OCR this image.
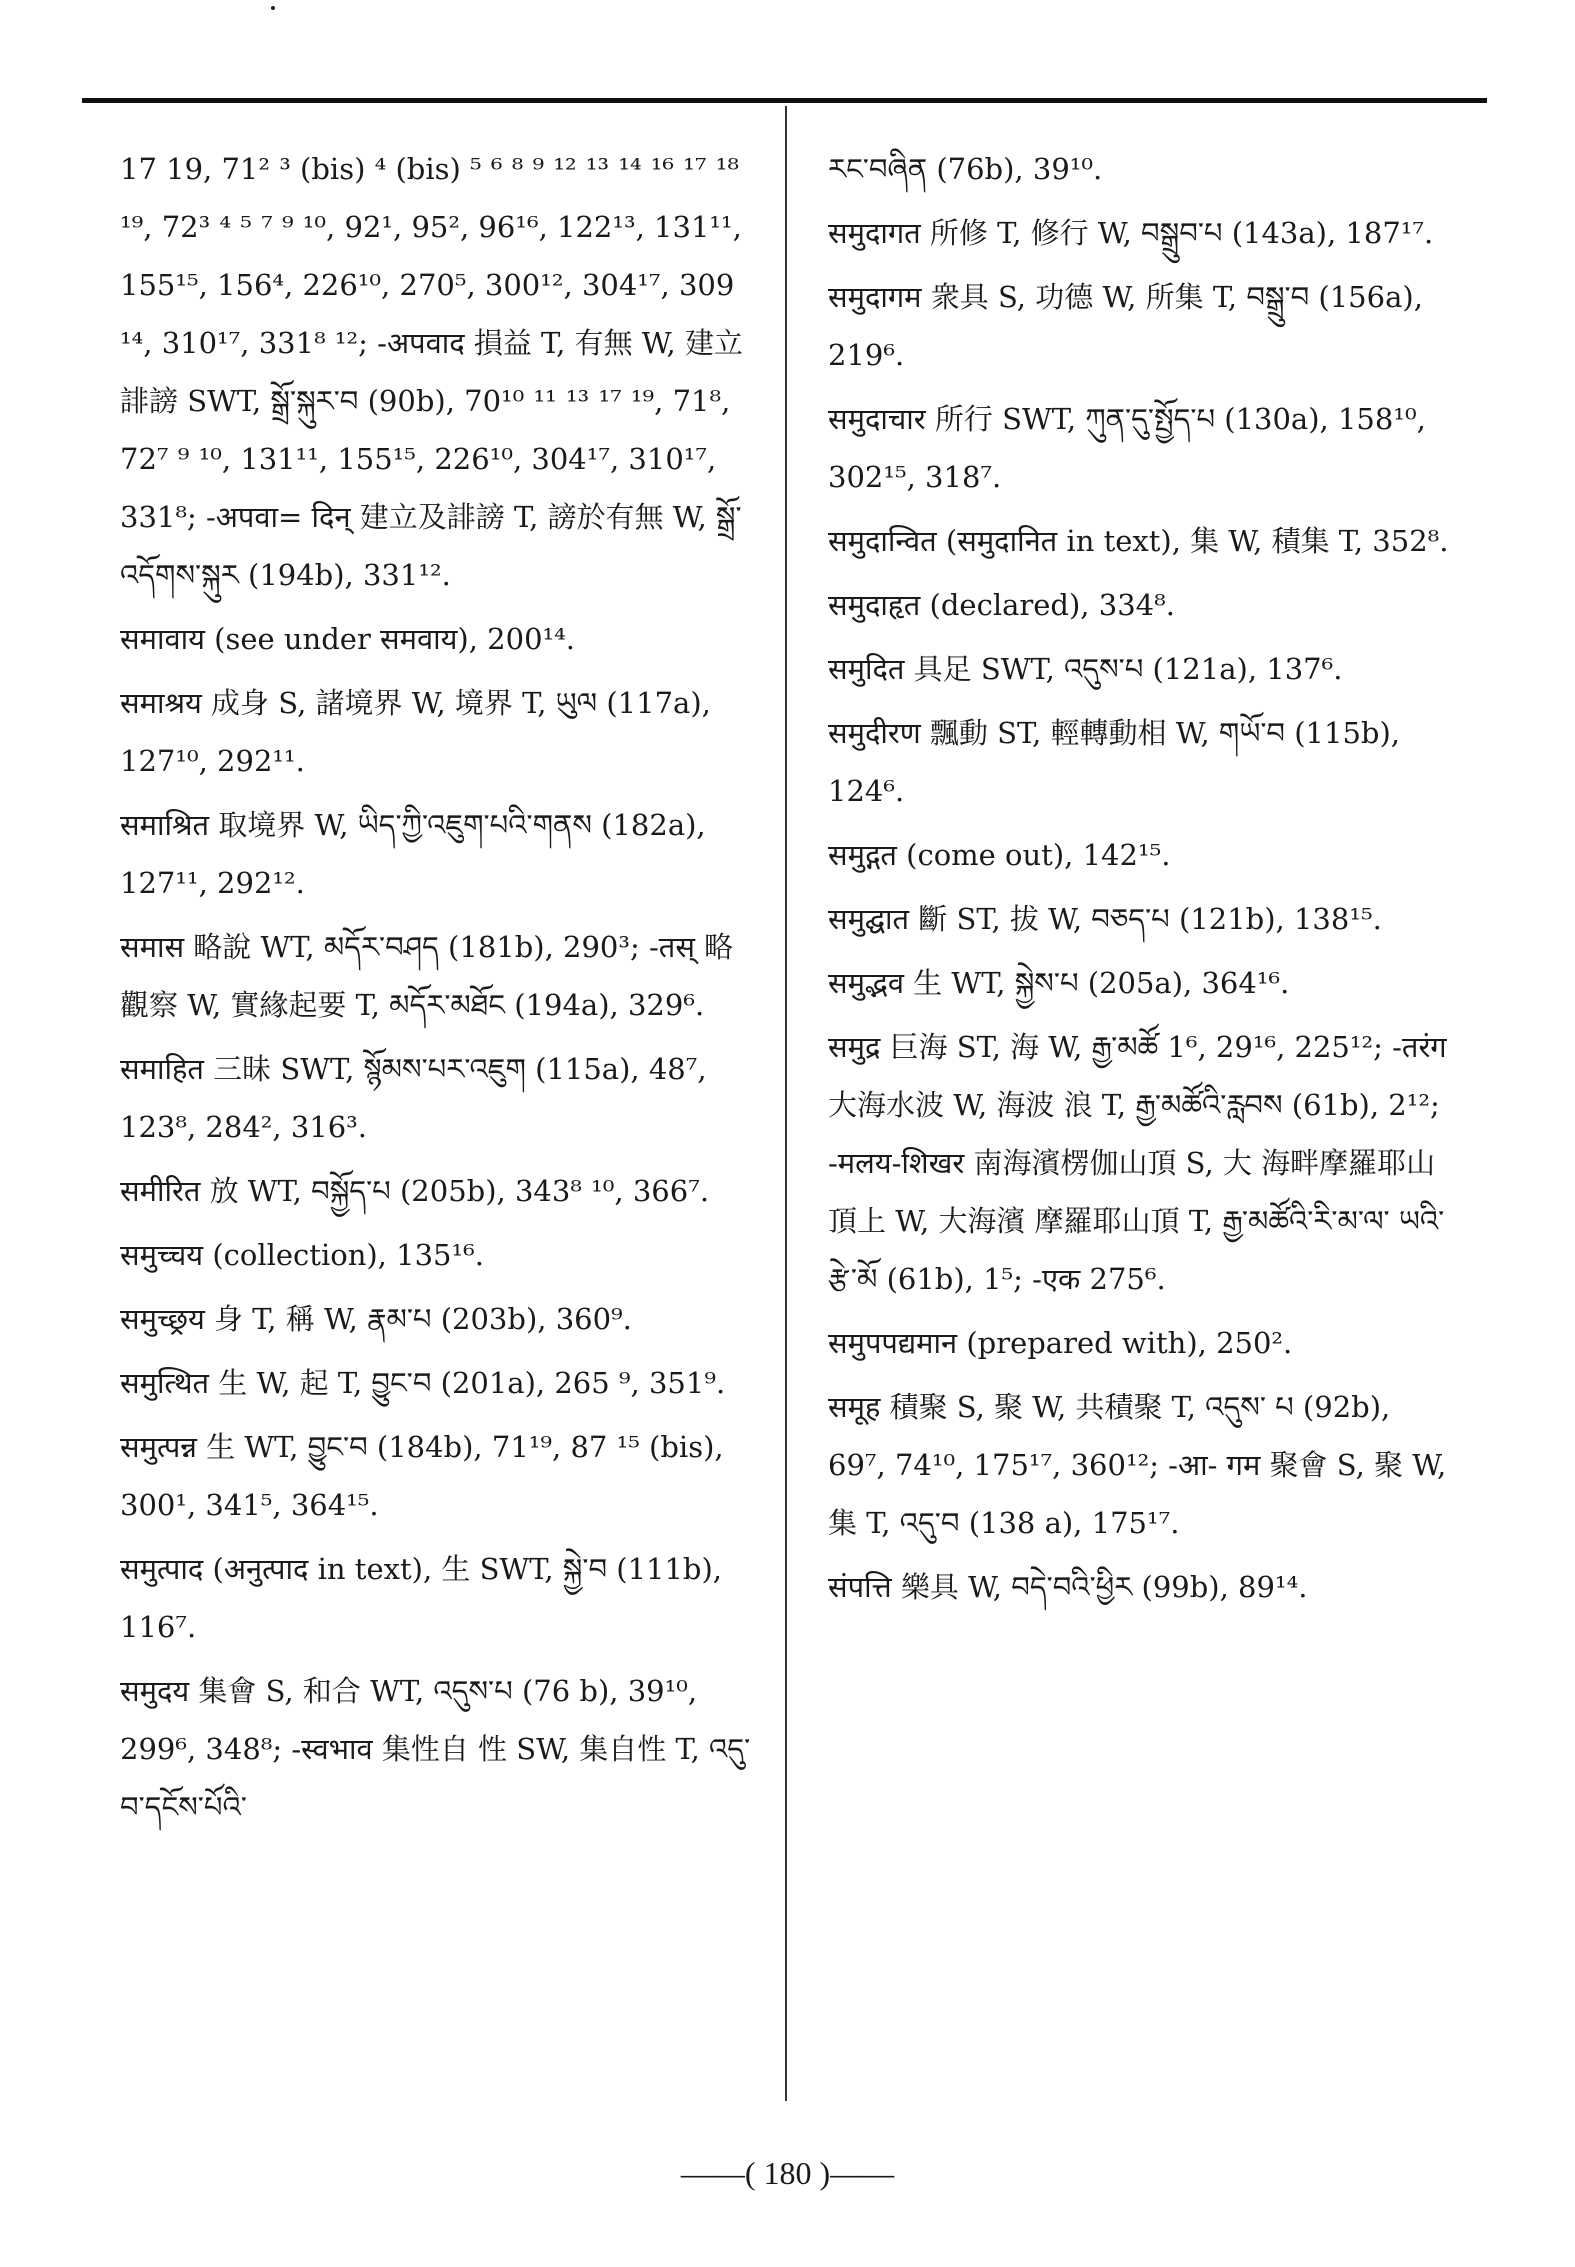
17 19, 71² ³ (bis) ⁴ (bis) ⁵ ⁶ ⁸ ⁹ ¹² ¹³ ¹⁴ ¹⁶ ¹⁷ ¹⁸ ¹⁹, 72³ ⁴ ⁵ ⁷ ⁹ ¹⁰, 92¹, 95², 96¹⁶, 122¹³, 131¹¹, 155¹⁵, 156⁴, 226¹⁰, 270⁵, 300¹², 304¹⁷, 309 ¹⁴, 310¹⁷, 331⁸ ¹²; -अपवाद 損益 T, 有無 W, 建立誹謗 SWT, སྒྲོ་སྐུར་བ (90b), 70¹⁰ ¹¹ ¹³ ¹⁷ ¹⁹, 71⁸, 72⁷ ⁹ ¹⁰, 131¹¹, 155¹⁵, 226¹⁰, 304¹⁷, 310¹⁷, 331⁸; -अपवा= दिन् 建立及誹謗 T, 謗於有無 W, སྒྲོ་འདོགས་སྐུར (194b), 331¹².

समावाय (see under समवाय), 200¹⁴.

समाश्रय 成身 S, 諸境界 W, 境界 T, ཡུལ (117a), 127¹⁰, 292¹¹.

समाश्रित 取境界 W, ཡིད་ཀྱི་འཇུག་པའི་གནས (182a), 127¹¹, 292¹².

समास 略說 WT, མདོར་བཤད (181b), 290³; -तस् 略觀察 W, 實緣起要 T, མདོར་མཐོང (194a), 329⁶.

समाहित 三昧 SWT, སྙོམས་པར་འཇུག (115a), 48⁷, 123⁸, 284², 316³.

समीरित 放 WT, བསྐྱོད་པ (205b), 343⁸ ¹⁰, 366⁷.

समुच्चय (collection), 135¹⁶.

समुच्छ्रय 身 T, 稱 W, རྣམ་པ (203b), 360⁹.

समुत्थित 生 W, 起 T, བྱུང་བ (201a), 265 ⁹, 351⁹.

समुत्पन्न 生 WT, བྱུང་བ (184b), 71¹⁹, 87 ¹⁵ (bis), 300¹, 341⁵, 364¹⁵.

समुत्पाद (अनुत्पाद in text), 生 SWT, སྐྱེ་བ (111b), 116⁷.

समुदय 集會 S, 和合 WT, འདུས་པ (76 b), 39¹⁰, 299⁶, 348⁸; -स्वभाव 集性自 性 SW, 集自性 T, འདུ་བ་དངོས་པོའི་

རང་བཞིན (76b), 39¹⁰.

समुदागत 所修 T, 修行 W, བསྒྲུབ་པ (143a), 187¹⁷.

समुदागम 衆具 S, 功德 W, 所集 T, བསྒྲུ་བ (156a), 219⁶.

समुदाचार 所行 SWT, ཀུན་དུ་སྤྱོད་པ (130a), 158¹⁰, 302¹⁵, 318⁷.

समुदान्वित (समुदानित in text), 集 W, 積集 T, 352⁸.

समुदाहृत (declared), 334⁸.

समुदित 具足 SWT, འདུས་པ (121a), 137⁶.

समुदीरण 飄動 ST, 輕轉動相 W, གཡོ་བ (115b), 124⁶.

समुद्गत (come out), 142¹⁵.

समुद्घात 斷 ST, 拔 W, བཅད་པ (121b), 138¹⁵.

समुद्भव 生 WT, སྐྱེས་པ (205a), 364¹⁶.

समुद्र 巨海 ST, 海 W, རྒྱ་མཚོ 1⁶, 29¹⁶, 225¹²; -तरंग 大海水波 W, 海波 浪 T, རྒྱ་མཚོའི་རླབས (61b), 2¹²; -मलय-शिखर 南海濱楞伽山頂 S, 大 海畔摩羅耶山頂上 W, 大海濱 摩羅耶山頂 T, རྒྱ་མཚོའི་རི་མ་ལ་ ཡའི་རྩེ་མོ (61b), 1⁵; -एक 275⁶.

समुपपद्यमान (prepared with), 250².

समूह 積聚 S, 聚 W, 共積聚 T, འདུས་ པ (92b), 69⁷, 74¹⁰, 175¹⁷, 360¹²; -आ- गम 聚會 S, 聚 W, 集 T, འདུ་བ (138 a), 175¹⁷.

संपत्ति 樂具 W, བདེ་བའི་ཕྱིར (99b), 89¹⁴.

——( 180 )——
